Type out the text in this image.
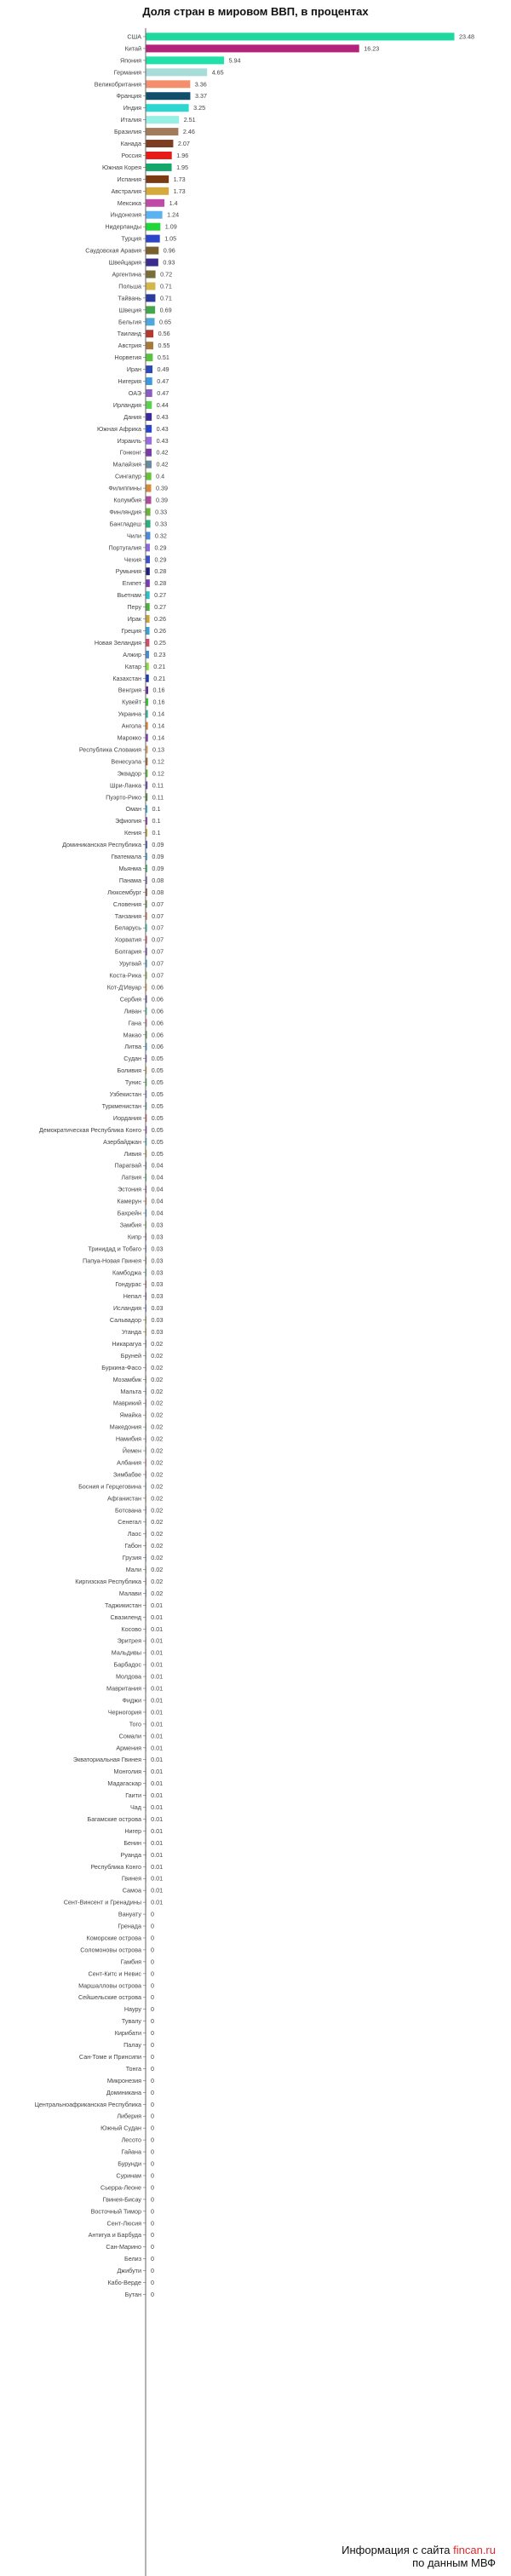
Доля стран в мировом ВВП, в процентах
США	23.48
Китай	16.23
Япония	5.94
Германия	4.65
Великобритания	3.36
Франция	3.37
Индия	3.25
Италия	2.51
Бразилия	2.46
Канада	2.07
Россия	1.96
Южная Корея	1.95
Испания	1.73
Австралия	1.73
Мексика	1.4
Индонезия	1.24
Нидерланды	1.09
Турция	1.05
Саудовская Аравия	0.96
Швейцария	0.93
Аргентина	0.72
Польша	0.71
Тайвань	0.71
Швеция	0.69
Бельгия	0.65
Таиланд	0.56
Австрия	0.55
Норвегия	0.51
Иран	0.49
Нигерия	0.47
ОАЭ	0.47
Ирландия 0.44
Дания 0.43
Южная Африка 0.43
Израиль 0.43
Гонконг 0.42
Малайзия 0.42
Сингапур 0.4
Филиппины 0.39
Колумбия 0.39
Финляндия 0.33
Бангладеш 0.33
Чили 0.32
Португалия 0.29
Чехия 0.29
Румыния 0.28
Египет 0.28
Вьетнам 0.27
Перу 0.27
Ирак 0.26
Греция 0.26
Новая Зеландия 0.25
Алжир 0.23
Катар 0.21
Казахстан 0.21
Венгрия 0.16
Кувейт 0.16
Украина 0.14
Ангола 0.14
Марокко 0.14
Республика Словакия 0.13
Венесуэла 0.12
Эквадор 0.12
Шри-Ланка 0.11
Пуэрто-Рико 0.11
Оман 0.1
Эфиопия 0.1
Кения 0.1
Доминиканская Республика 0.09
Гватемала 0.09
Мьянма 0.09
Панама 0.08
Люксембург 0.08
Словения 0.07
Танзания 0.07
Беларусь 0.07
Хорватия 0.07
Болгария 0.07
Уругвай 0.07
Коста-Рика 0.07
Кот-Д'Ивуар 0.06
Сербия 0.06
Ливан 0.06
Гана 0.06
Макао 0.06
Литва 0.06
Судан 0.05
Боливия 0.05
Тунис 0.05
Узбекистан 0.05
Туркменистан 0.05
Иордания 0.05
Демократическая Республика Конго 0.05
Азербайджан 0.05
Ливия 0.05
Парагвай 0.04
Латвия 0.04
Эстония 0.04
Камерун 0.04
Бахрейн 0.04
Замбия 0.03
Кипр 0.03
Тринидад и Тобаго 0.03
Папуа-Новая Гвинея 0.03
Камбоджа 0.03
Гондурас 0.03
Непал 0.03
Исландия 0.03
Сальвадор 0.03
Уганда 0.03
Никарагуа 0.02
Бруней 0.02
Буркина-Фасо 0.02
Мозамбик 0.02
Мальта 0.02
Маврикий 0.02
Ямайка 0.02
Македония 0.02
Намибия 0.02
Йемен 0.02
Албания 0.02
Зимбабве 0.02
Босния и Герцеговина 0.02
Афганистан 0.02
Ботсвана 0.02
Сенегал 0.02
Лаос 0.02
Габон 0.02
Грузия 0.02
Мали 0.02
Киргизская Республика 0.02
Малави 0.02
Таджикистан 0.01
Свазиленд 0.01
Косово 0.01
Эритрея 0.01
Мальдивы 0.01
Барбадос 0.01
Молдова 0.01
Мавритания 0.01
Фиджи 0.01
Черногория 0.01
Того 0.01
Сомали 0.01
Армения 0.01
Экваториальная Гвинея 0.01
Монголия 0.01
Мадагаскар 0.01
Гаити 0.01
Чад 0.01
Багамские острова 0.01
Нигер 0.01
Бенин 0.01
Руанда 0.01
Республика Конго 0.01
Гвинея 0.01
Самоа 0.01
Сент-Винсент и Гренадины 0.01
Вануату 0
Гренада 0
Коморские острова 0
Соломоновы острова 0
Гамбия 0
Сент-Китс и Невис 0
Маршалловы острова 0
Сейшельские острова 0
Науру 0
Тувалу 0
Кирибати 0
Палау 0
Сан-Томе и Принсипи 0
Тонга 0
Микронезия 0
Доминикана 0
Центральноафриканская Республика 0
Либерия 0
Южный Судан 0
Лесото 0
Гайана 0
Бурунди 0
Суринам 0
Сьерра-Леоне 0
Гвинея-Бисау 0
Восточный Тимор 0
Сент-Люсия 0
Антигуа и Барбуда 0
Сан-Марино 0
Белиз 0
Джибути 0
Кабо-Верде 0
Бутан 0
Информация с сайта fincan.ru
по данным МВФ
